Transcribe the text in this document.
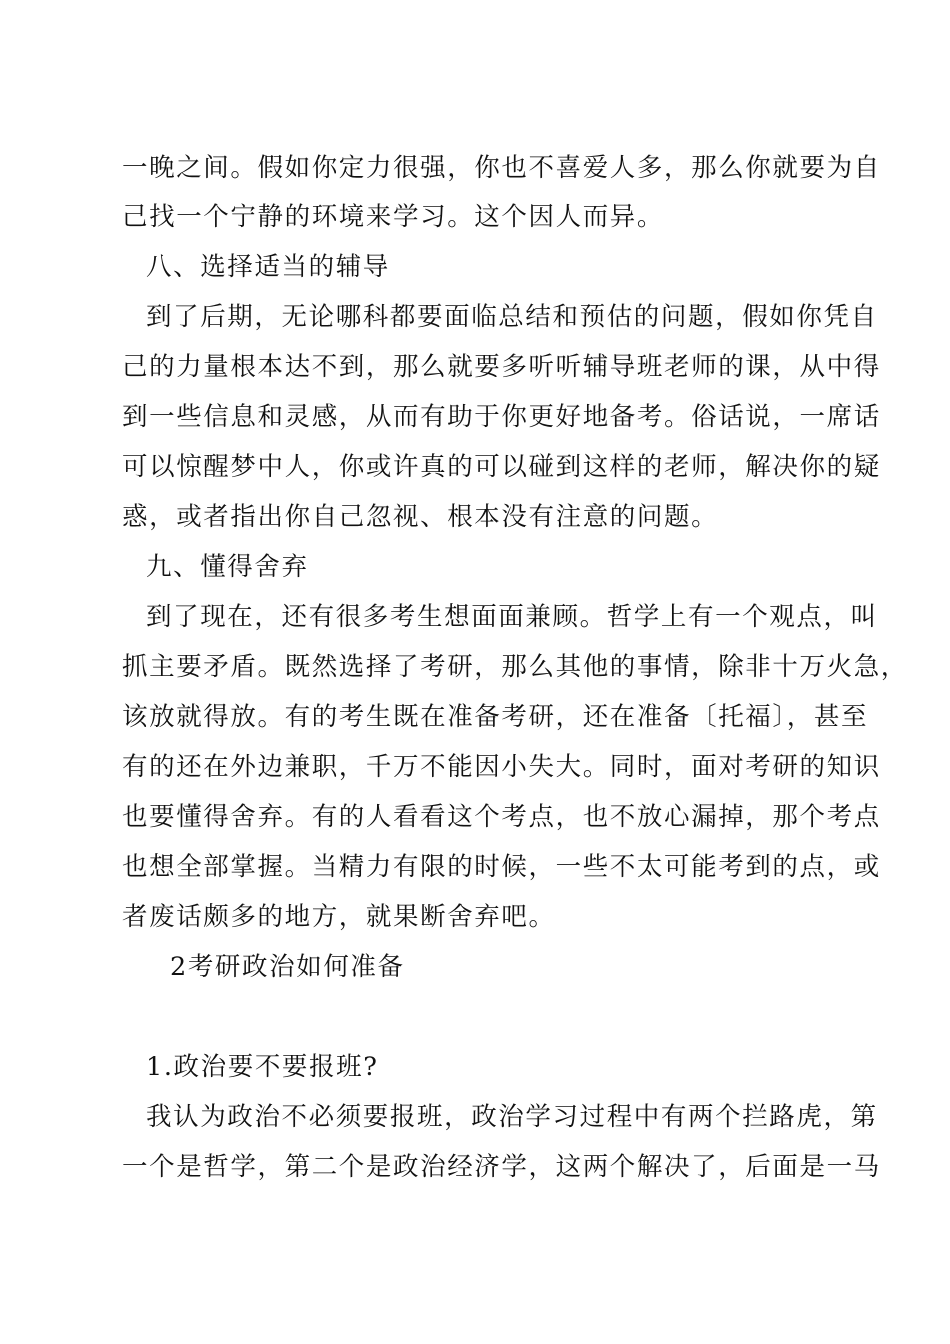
一晚之间。假如你定力很强，你也不喜爱人多，那么你就要为自
己找一个宁静的环境来学习。这个因人而异。
八、选择适当的辅导
到了后期，无论哪科都要面临总结和预估的问题，假如你凭自
己的力量根本达不到，那么就要多听听辅导班老师的课，从中得
到一些信息和灵感，从而有助于你更好地备考。俗话说，一席话
可以惊醒梦中人，你或许真的可以碰到这样的老师，解决你的疑
惑，或者指出你自己忽视、根本没有注意的问题。
九、懂得舍弃
到了现在，还有很多考生想面面兼顾。哲学上有一个观点，叫
抓主要矛盾。既然选择了考研，那么其他的事情，除非十万火急，
该放就得放。有的考生既在准备考研，还在准备〔托福〕，甚至
有的还在外边兼职，千万不能因小失大。同时，面对考研的知识
也要懂得舍弃。有的人看看这个考点，也不放心漏掉，那个考点
也想全部掌握。当精力有限的时候，一些不太可能考到的点，或
者废话颇多的地方，就果断舍弃吧。
2考研政治如何准备
1.政治要不要报班?
我认为政治不必须要报班，政治学习过程中有两个拦路虎，第
一个是哲学，第二个是政治经济学，这两个解决了，后面是一马
